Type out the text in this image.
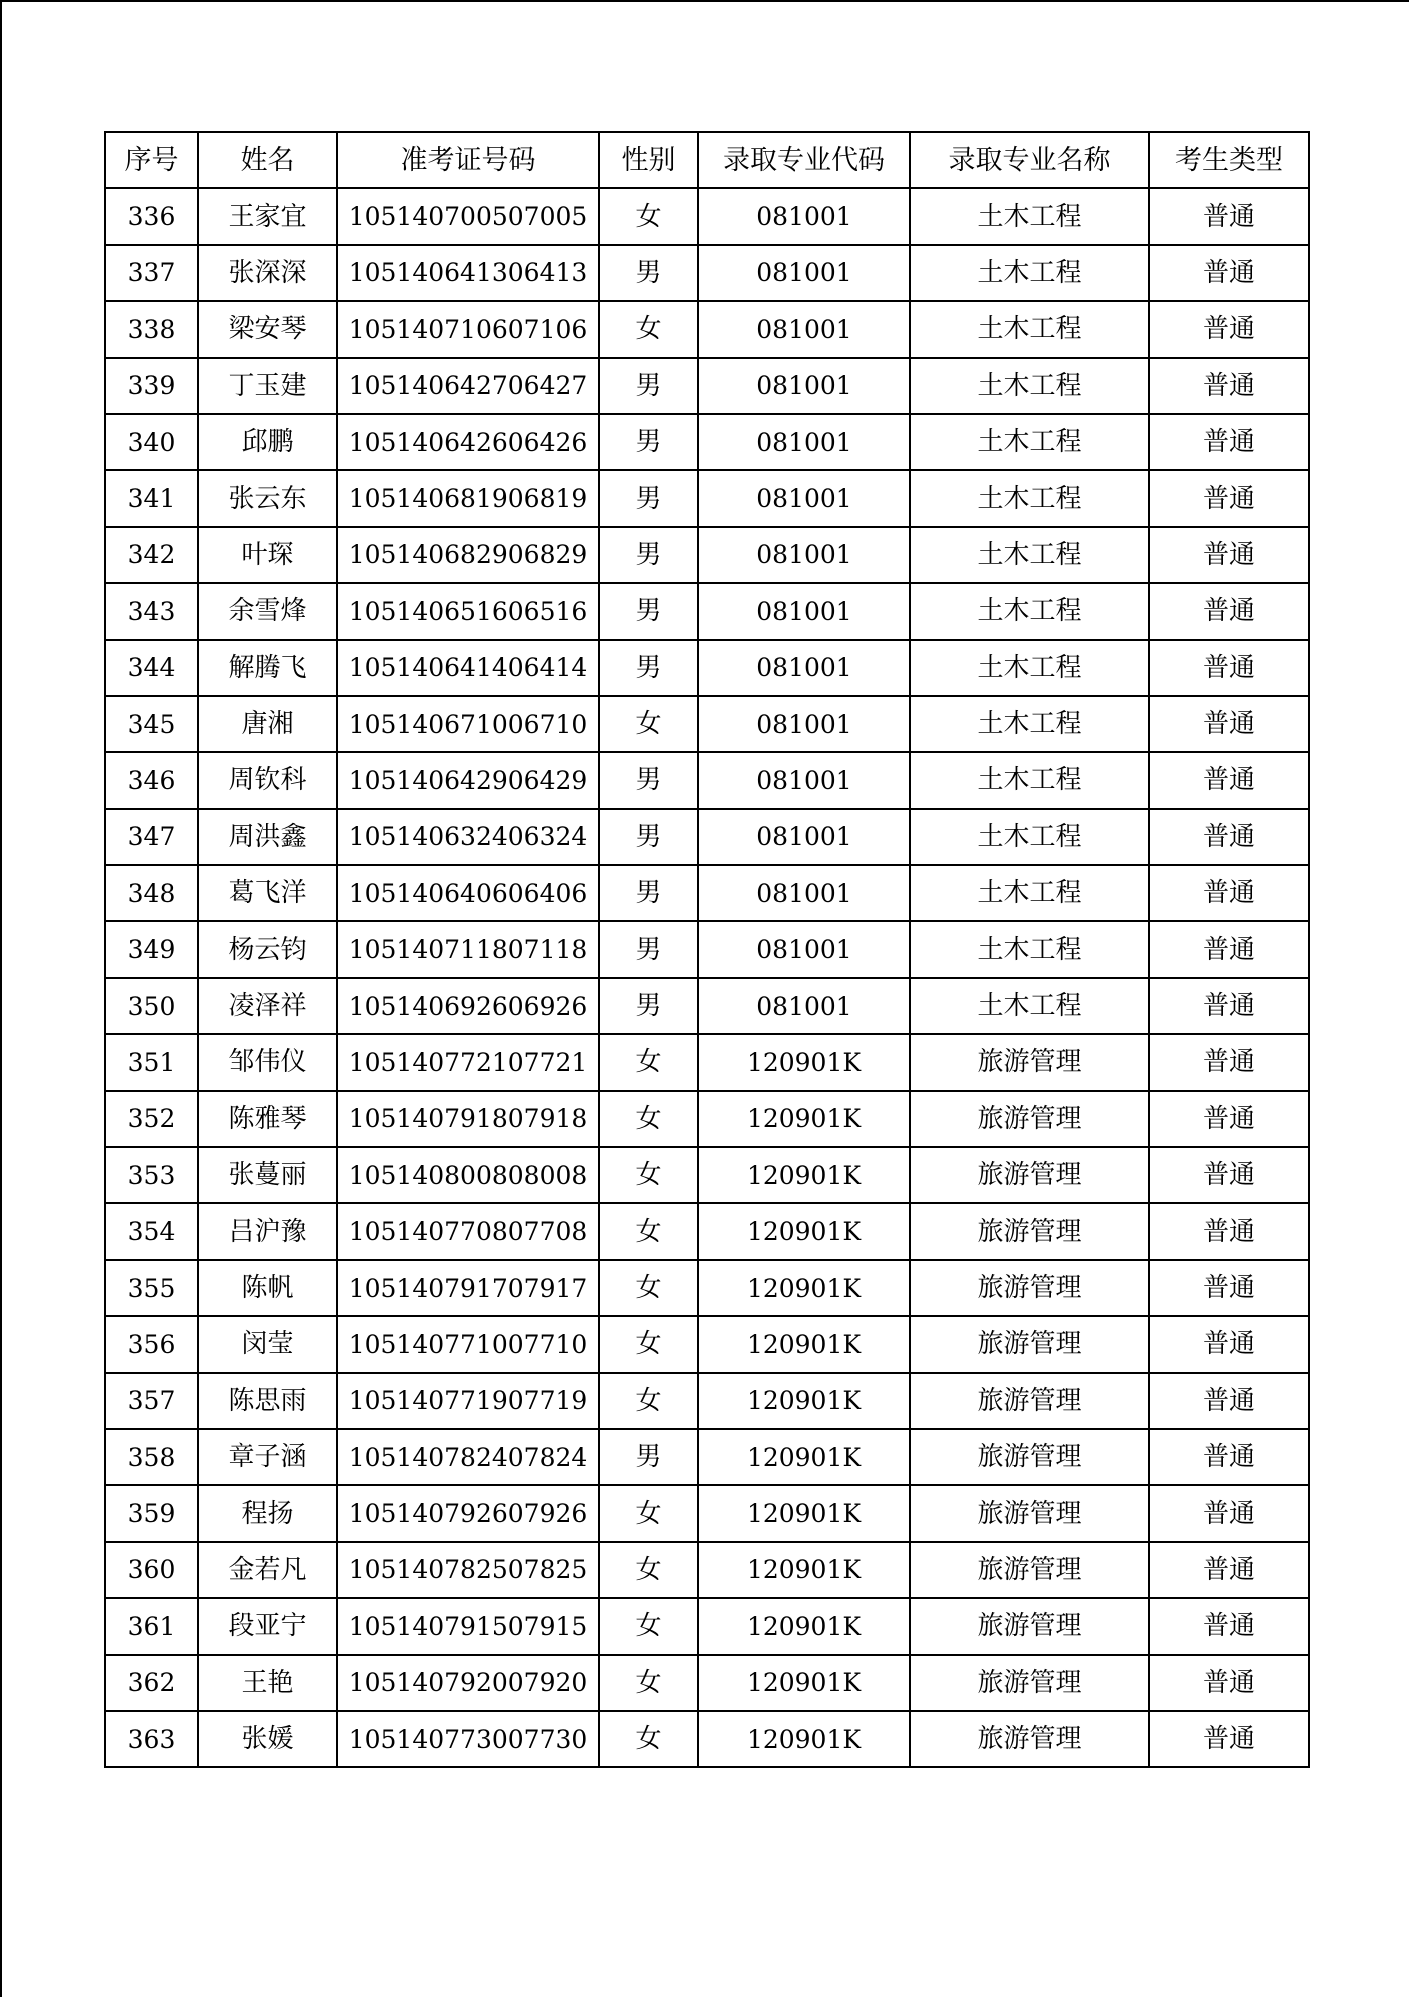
序号	姓名	准考证号码	性别	录取专业代码	录取专业名称	考生类型
336	王家宜	105140700507005	女	081001	土木工程	普通
337	张深深	105140641306413	男	081001	土木工程	普通
338	梁安琴	105140710607106	女	081001	土木工程	普通
339	丁玉建	105140642706427	男	081001	土木工程	普通
340	邱鹏	105140642606426	男	081001	土木工程	普通
341	张云东	105140681906819	男	081001	土木工程	普通
342	叶琛	105140682906829	男	081001	土木工程	普通
343	余雪烽	105140651606516	男	081001	土木工程	普通
344	解腾飞	105140641406414	男	081001	土木工程	普通
345	唐湘	105140671006710	女	081001	土木工程	普通
346	周钦科	105140642906429	男	081001	土木工程	普通
347	周洪鑫	105140632406324	男	081001	土木工程	普通
348	葛飞洋	105140640606406	男	081001	土木工程	普通
349	杨云钧	105140711807118	男	081001	土木工程	普通
350	凌泽祥	105140692606926	男	081001	土木工程	普通
351	邹伟仪	105140772107721	女	120901K	旅游管理	普通
352	陈雅琴	105140791807918	女	120901K	旅游管理	普通
353	张蔓丽	105140800808008	女	120901K	旅游管理	普通
354	吕沪豫	105140770807708	女	120901K	旅游管理	普通
355	陈帆	105140791707917	女	120901K	旅游管理	普通
356	闵莹	105140771007710	女	120901K	旅游管理	普通
357	陈思雨	105140771907719	女	120901K	旅游管理	普通
358	章子涵	105140782407824	男	120901K	旅游管理	普通
359	程扬	105140792607926	女	120901K	旅游管理	普通
360	金若凡	105140782507825	女	120901K	旅游管理	普通
361	段亚宁	105140791507915	女	120901K	旅游管理	普通
362	王艳	105140792007920	女	120901K	旅游管理	普通
363	张媛	105140773007730	女	120901K	旅游管理	普通
